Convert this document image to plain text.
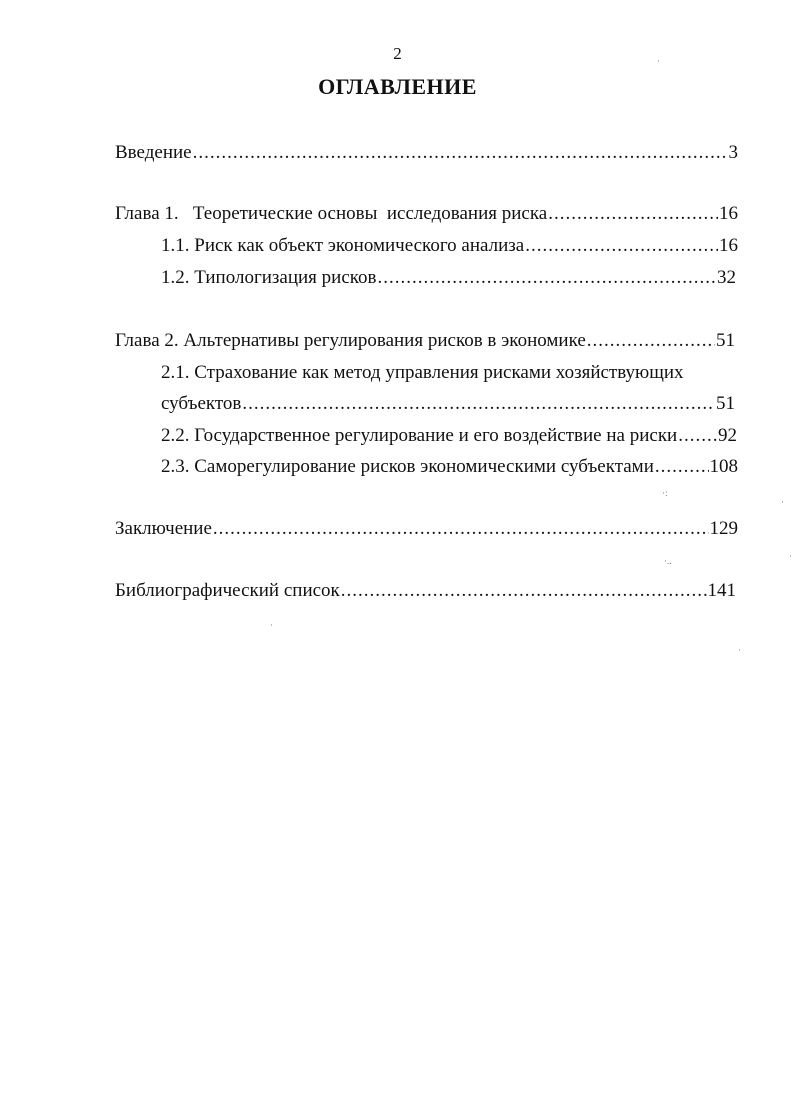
2
ОГЛАВЛЕНИЕ
Введение .....	3
Глава 1.   Теоретические основы  исследования риска .....	16
1.1. Риск как объект экономического анализа .....	16
1.2. Типологизация рисков .....	32
Глава 2. Альтернативы регулирования рисков в экономике .....	51
2.1. Страхование как метод управления рисками хозяйствующих
субъектов .....	51
2.2. Государственное регулирование и его воздействие на риски ..... 92
2.3. Саморегулирование рисков экономическими субъектами .....	108
Заключение .....	129
Библиографический список .....	141
·
·:
·
·..	·
·
·
